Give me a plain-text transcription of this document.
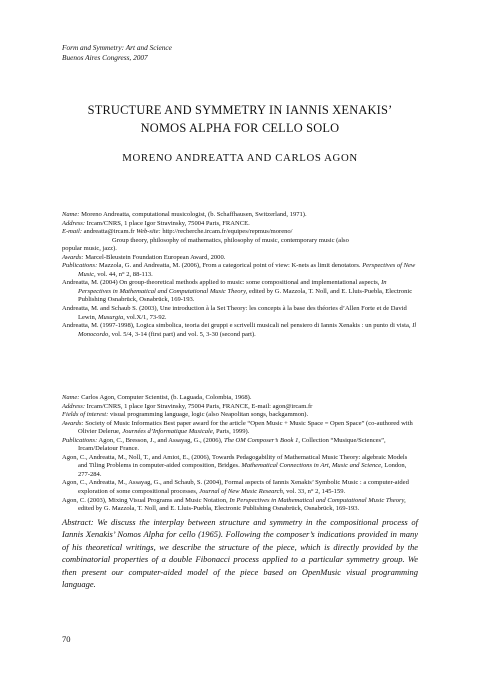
Form and Symmetry: Art and Science
Buenos Aires Congress, 2007
STRUCTURE AND SYMMETRY IN IANNIS XENAKIS’
NOMOS ALPHA FOR CELLO SOLO
MORENO ANDREATTA AND CARLOS AGON

Name: Moreno Andreatta, computational musicologist, (b. Schaffhausen, Switzerland, 1971).

Address: Ircam/CNRS, 1 place Igor Stravinsky, 75004 Paris, FRANCE.

E-mail: andreatta@ircam.fr Web-site: http://recherche.ircam.fr/equipes/repmus/moreno/

Group theory, philosophy of mathematics, philosophy of music, contemporary music (also

popular music, jazz).

Awards: Marcel-Bleustein Foundation European Award, 2000.

Publications: Mazzola, G. and Andreatta, M. (2006), From a categorical point of view: K-nets as limit denotators. Perspectives of New Music, vol. 44, n° 2, 88-113.

Andreatta, M. (2004) On group-theoretical methods applied to music: some compositional and implementational aspects, In Perspectives in Mathematical and Computational Music Theory, edited by G. Mazzola, T. Noll, and E. Lluis-Puebla, Electronic Publishing Osnabrück, Osnabrück, 169-193.

Andreatta, M. and Schaub S. (2003), Une introduction à la Set Theory: les concepts à la base des théories d’Allen Forte et de David Lewin, Musurgia, vol.X/1, 73-92.

Andreatta, M. (1997-1998), Logica simbolica, teoria dei gruppi e scrivelli musicali nel pensiero di Iannis Xenakis : un punto di vista, Il Monocordo, vol. 5/4, 3-14 (first part) and vol. 5, 3-30 (second part).

Name: Carlos Agon, Computer Scientist, (b. Laguada, Colombia, 1968).

Address: Ircam/CNRS, 1 place Igor Stravinsky, 75004 Paris, FRANCE, E-mail: agon@ircam.fr

Fields of interest: visual programming language, logic (also Neapolitan songs, backgammon).

Awards: Society of Music Informatics Best paper award for the article “Open Music + Music Space = Open Space” (co-authored with Olivier Delerue, Journées d’Informatique Musicale, Paris, 1999).

Publications: Agon, C., Bresson, J., and Assayag, G., (2006), The OM Composer’s Book 1, Collection “Musique/Sciences”, Ircam/Delatour France.

Agon, C., Andreatta, M., Noll, T., and Amiot, E., (2006), Towards Pedagogability of Mathematical Music Theory: algebraic Models and Tiling Problems in computer-aided composition, Bridges. Mathematical Connections in Art, Music and Science, London, 277-284.

Agon, C., Andreatta, M., Assayag, G., and Schaub, S. (2004), Formal aspects of Iannis Xenakis’ Symbolic Music : a computer-aided exploration of some compositional processes, Journal of New Music Research, vol. 33, n° 2, 145-159.

Agon, C. (2003), Mixing Visual Programs and Music Notation, In Perspectives in Mathematical and Computational Music Theory, edited by G. Mazzola, T. Noll, and E. Lluis-Puebla, Electronic Publishing Osnabrück, Osnabrück, 169-193.

Abstract: We discuss the interplay between structure and symmetry in the compositional process of Iannis Xenakis’ Nomos Alpha for cello (1965). Following the composer’s indications provided in many of his theoretical writings, we describe the structure of the piece, which is directly provided by the combinatorial properties of a double Fibonacci process applied to a particular symmetry group. We then present our computer-aided model of the piece based on OpenMusic visual programming language.
70
